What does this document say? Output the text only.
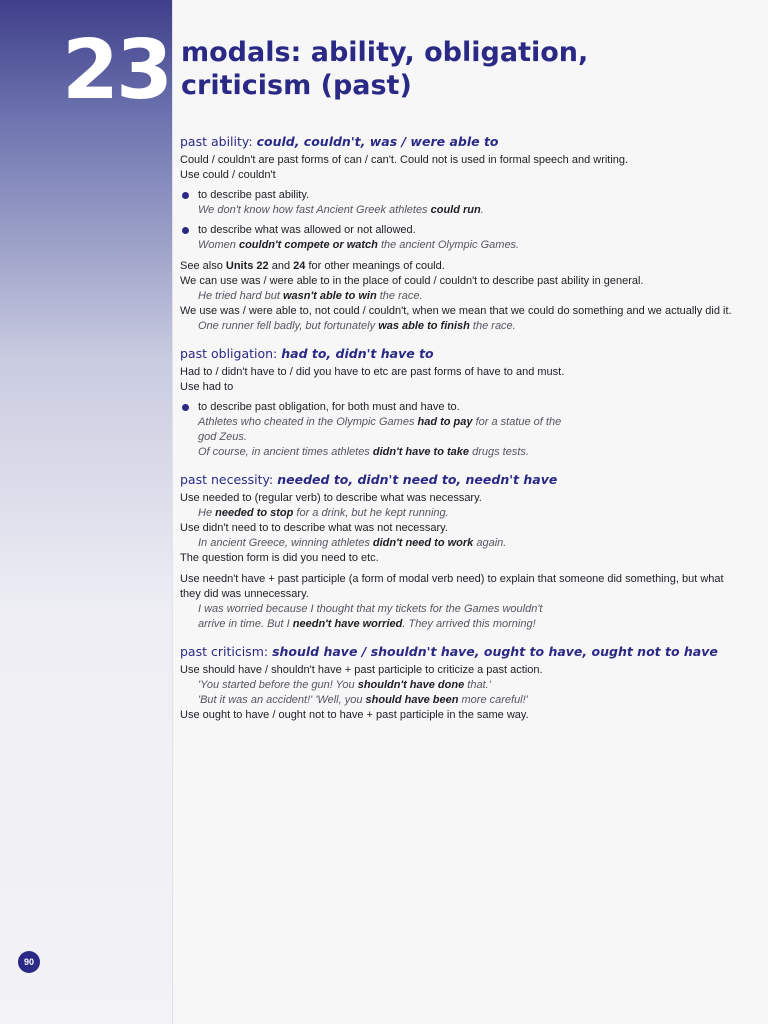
23 modals: ability, obligation,
criticism (past)
past ability: could, couldn't, was / were able to

Could / couldn't are past forms of can / can't. Could not is used in formal speech and writing.

Use could / couldn't

to describe past ability.

We don't know how fast Ancient Greek athletes could run.

to describe what was allowed or not allowed.

Women couldn't compete or watch the ancient Olympic Games.

See also Units 22 and 24 for other meanings of could.

We can use was / were able to in the place of could / couldn't to describe past ability in general.

He tried hard but wasn't able to win the race.

We use was / were able to, not could / couldn't, when we mean that we could do something and we actually did it.

One runner fell badly, but fortunately was able to finish the race.

past obligation: had to, didn't have to

Had to / didn't have to / did you have to etc are past forms of have to and must.

Use had to

to describe past obligation, for both must and have to.

Athletes who cheated in the Olympic Games had to pay for a statue of the

god Zeus.

Of course, in ancient times athletes didn't have to take drugs tests.

past necessity: needed to, didn't need to, needn't have

Use needed to (regular verb) to describe what was necessary.

He needed to stop for a drink, but he kept running.

Use didn't need to to describe what was not necessary.

In ancient Greece, winning athletes didn't need to work again.

The question form is did you need to etc.

Use needn't have + past participle (a form of modal verb need) to explain that someone did something, but what they did was unnecessary.

I was worried because I thought that my tickets for the Games wouldn't

arrive in time. But I needn't have worried. They arrived this morning!

past criticism: should have / shouldn't have, ought to have, ought not to have

Use should have / shouldn't have + past participle to criticize a past action.

'You started before the gun! You shouldn't have done that.'

'But it was an accident!' 'Well, you should have been more careful!'

Use ought to have / ought not to have + past participle in the same way.

90
